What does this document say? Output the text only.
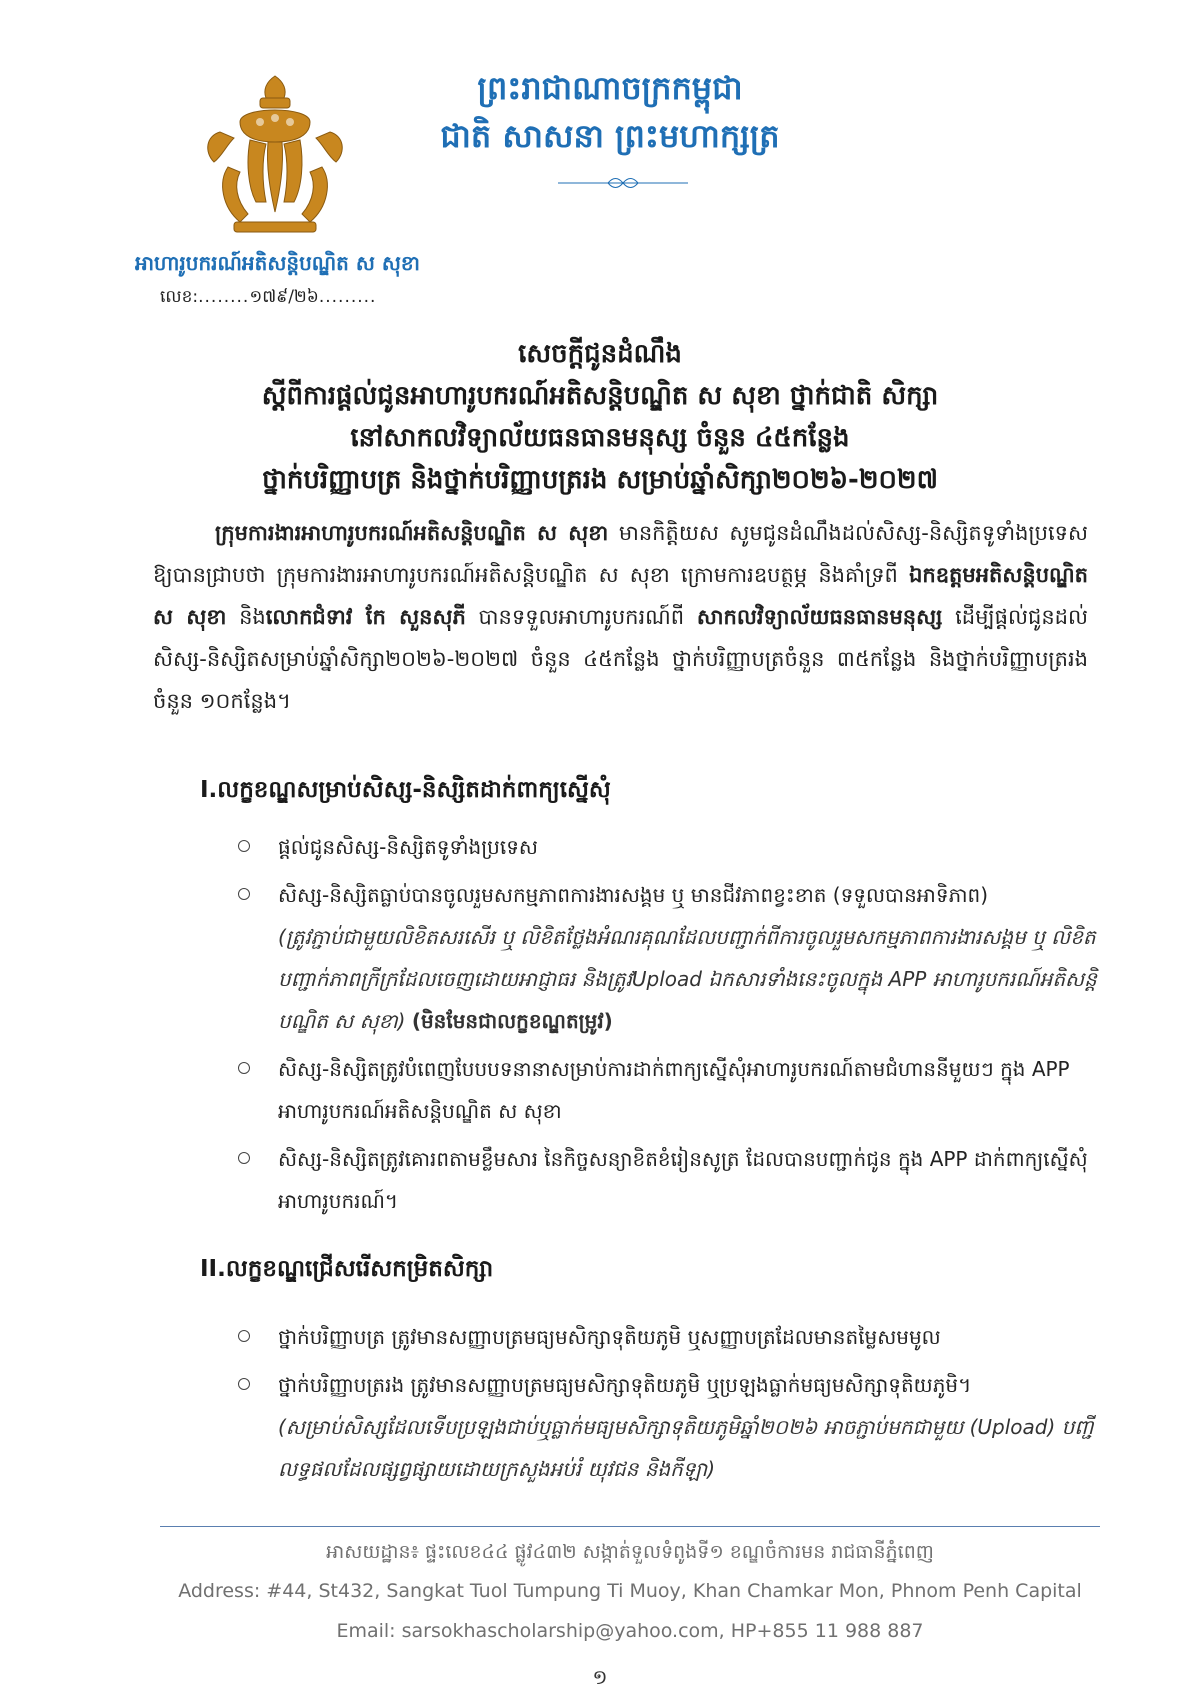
អាហារូបករណ៍អតិសន្តិបណ្ឌិត ស សុខា
លេខ:........១៧៩/២៦.........
ព្រះរាជាណាចក្រកម្ពុជា
ជាតិ សាសនា ព្រះមហាក្សត្រ
សេចក្តីជូនដំណឹង
ស្តីពីការផ្តល់ជូនអាហារូបករណ៍អតិសន្តិបណ្ឌិត ស សុខា ថ្នាក់ជាតិ សិក្សា
នៅសាកលវិទ្យាល័យធនធានមនុស្ស ចំនួន ៤៥កន្លែង
ថ្នាក់បរិញ្ញាបត្រ និងថ្នាក់បរិញ្ញាបត្ររង សម្រាប់ឆ្នាំសិក្សា២០២៦-២០២៧
ក្រុមការងារអាហារូបករណ៍អតិសន្តិបណ្ឌិត ស សុខា មានកិត្តិយស សូមជូនដំណឹងដល់សិស្ស-និស្សិតទូទាំងប្រទេស ឱ្យបានជ្រាបថា ក្រុមការងារអាហារូបករណ៍អតិសន្តិបណ្ឌិត ស សុខា ក្រោមការឧបត្ថម្ភ និងគាំទ្រពី ឯកឧត្តមអតិសន្តិបណ្ឌិត ស សុខា និងលោកជំទាវ កែ សួនសុភី បានទទួលអាហារូបករណ៍ពី សាកលវិទ្យាល័យធនធានមនុស្ស ដើម្បីផ្តល់ជូនដល់សិស្ស-និស្សិតសម្រាប់ឆ្នាំសិក្សា២០២៦-២០២៧ ចំនួន ៤៥កន្លែង ថ្នាក់បរិញ្ញាបត្រចំនួន ៣៥កន្លែង និងថ្នាក់បរិញ្ញាបត្ររងចំនួន ១០កន្លែង។
I.លក្ខខណ្ឌសម្រាប់សិស្ស-និស្សិតដាក់ពាក្យស្នើសុំ
ផ្តល់ជូនសិស្ស-និស្សិតទូទាំងប្រទេស
សិស្ស-និស្សិតធ្លាប់បានចូលរួមសកម្មភាពការងារសង្គម ឬ មានជីវភាពខ្វះខាត (ទទួលបានអាទិភាព)
(ត្រូវភ្ជាប់ជាមួយលិខិតសរសើរ ឬ លិខិតថ្លែងអំណរគុណដែលបញ្ជាក់ពីការចូលរួមសកម្មភាពការងារសង្គម ឬ លិខិតបញ្ជាក់ភាពក្រីក្រដែលចេញដោយអាជ្ញាធរ និងត្រូវUpload ឯកសារទាំងនេះចូលក្នុង APP អាហារូបករណ៍អតិសន្តិបណ្ឌិត ស សុខា) (មិនមែនជាលក្ខខណ្ឌតម្រូវ)
សិស្ស-និស្សិតត្រូវបំពេញបែបបទនានាសម្រាប់ការដាក់ពាក្យស្នើសុំអាហារូបករណ៍តាមជំហាននីមួយៗ ក្នុង APP អាហារូបករណ៍អតិសន្តិបណ្ឌិត ស សុខា
សិស្ស-និស្សិតត្រូវគោរពតាមខ្លឹមសារ នៃកិច្ចសន្យាខិតខំរៀនសូត្រ ដែលបានបញ្ជាក់ជូន ក្នុង APP ដាក់ពាក្យស្នើសុំអាហារូបករណ៍។
II.លក្ខខណ្ឌជ្រើសរើសកម្រិតសិក្សា
ថ្នាក់បរិញ្ញាបត្រ ត្រូវមានសញ្ញាបត្រមធ្យមសិក្សាទុតិយភូមិ ឬសញ្ញាបត្រដែលមានតម្លៃសមមូល
ថ្នាក់បរិញ្ញាបត្ររង ត្រូវមានសញ្ញាបត្រមធ្យមសិក្សាទុតិយភូមិ ឬប្រឡងធ្លាក់មធ្យមសិក្សាទុតិយភូមិ។
(សម្រាប់សិស្សដែលទើបប្រឡងជាប់ឬធ្លាក់មធ្យមសិក្សាទុតិយភូមិឆ្នាំ២០២៦ អាចភ្ជាប់មកជាមួយ (Upload) បញ្ជីលទ្ធផលដែលផ្សព្វផ្សាយដោយក្រសួងអប់រំ យុវជន និងកីឡា)
អាសយដ្ឋាន៖ ផ្ទះលេខ៤៤ ផ្លូវ៤៣២ សង្កាត់ទួលទំពូងទី១ ខណ្ឌចំការមន រាជធានីភ្នំពេញ
Address: #44, St432, Sangkat Tuol Tumpung Ti Muoy, Khan Chamkar Mon, Phnom Penh Capital
Email: sarsokhascholarship@yahoo.com, HP+855 11 988 887
១
